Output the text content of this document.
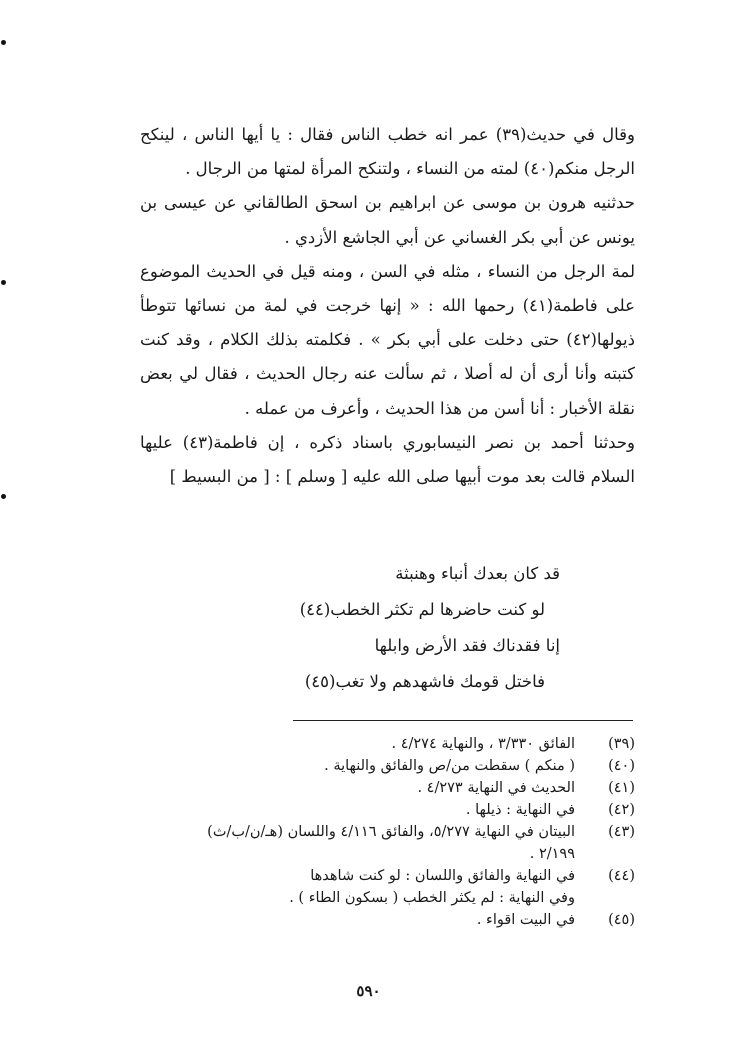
وقال في حديث(٣٩) عمر انه خطب الناس فقال : يا أيها الناس ، لينكح الرجل منكم(٤٠) لمته من النساء ، ولتنكح المرأة لمتها من الرجال .

حدثنيه هرون بن موسى عن ابراهيم بن اسحق الطالقاني عن عيسى بن يونس عن أبي بكر الغساني عن أبي الجاشع الأزدي .

لمة الرجل من النساء ، مثله في السن ، ومنه قيل في الحديث الموضوع على فاطمة(٤١) رحمها الله : « إنها خرجت في لمة من نسائها تتوطأ ذيولها(٤٢) حتى دخلت على أبي بكر » . فكلمته بذلك الكلام ، وقد كنت كتبته وأنا أرى أن له أصلا ، ثم سألت عنه رجال الحديث ، فقال لي بعض نقلة الأخبار : أنا أسن من هذا الحديث ، وأعرف من عمله .

وحدثنا أحمد بن نصر النيسابوري باسناد ذكره ، إن فاطمة(٤٣) عليها السلام قالت بعد موت أبيها صلى الله عليه [ وسلم ] : [ من البسيط ]

قد كان بعدك أنباء وهنبثة
لو كنت حاضرها لم تكثر الخطب(٤٤)
إنا فقدناك فقد الأرض وابلها
فاختل قومك فاشهدهم ولا تغب(٤٥)
(٣٩)
الفائق ٣/٣٣٠ ، والنهاية ٤/٢٧٤ .
(٤٠)
( منكم ) سقطت من/ص والفائق والنهاية .
(٤١)
الحديث في النهاية ٤/٢٧٣ .
(٤٢)
في النهاية : ذيلها .
(٤٣)
البيتان في النهاية ٥/٢٧٧، والفائق ٤/١١٦ واللسان (هـ/ن/ب/ث)
٢/١٩٩ .
(٤٤)
في النهاية والفائق واللسان : لو كنت شاهدها
وفي النهاية : لم يكثر الخطب ( بسكون الطاء ) .
(٤٥)
في البيت اقواء .
٥٩٠
